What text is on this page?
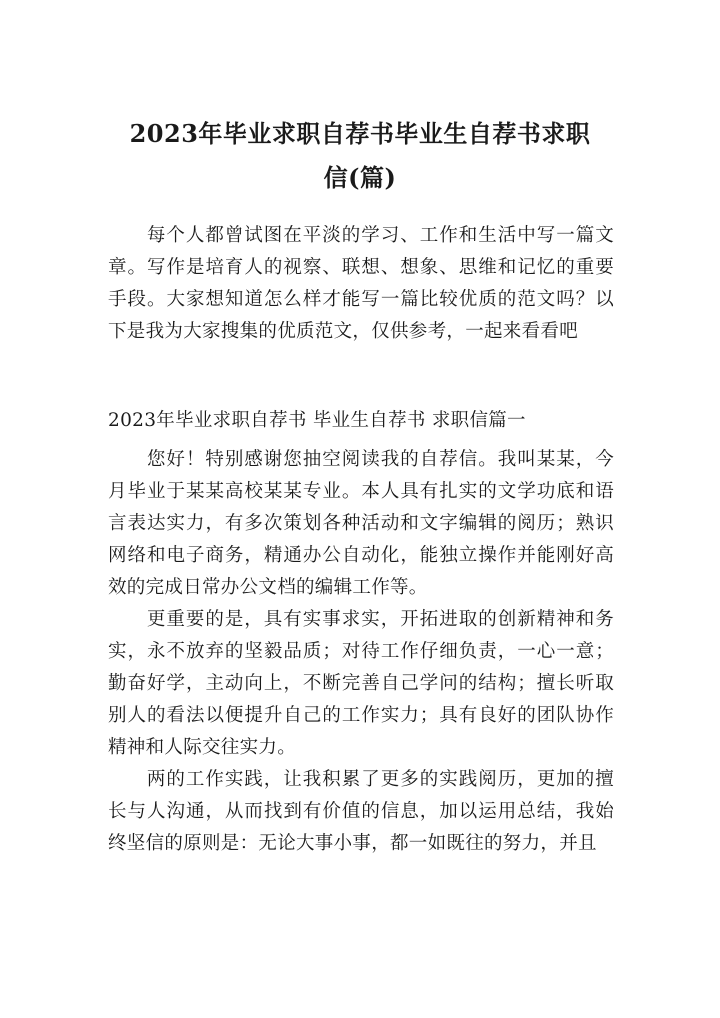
2023年毕业求职自荐书毕业生自荐书求职
信(篇)

每个人都曾试图在平淡的学习、工作和生活中写一篇文章。写作是培育人的视察、联想、想象、思维和记忆的重要手段。大家想知道怎么样才能写一篇比较优质的范文吗？以下是我为大家搜集的优质范文，仅供参考，一起来看看吧

2023年毕业求职自荐书 毕业生自荐书 求职信篇一

您好！特别感谢您抽空阅读我的自荐信。我叫某某，今月毕业于某某高校某某专业。本人具有扎实的文学功底和语言表达实力，有多次策划各种活动和文字编辑的阅历；熟识网络和电子商务，精通办公自动化，能独立操作并能刚好高效的完成日常办公文档的编辑工作等。

更重要的是，具有实事求实，开拓进取的创新精神和务实，永不放弃的坚毅品质；对待工作仔细负责，一心一意；勤奋好学，主动向上，不断完善自己学问的结构；擅长听取别人的看法以便提升自己的工作实力；具有良好的团队协作精神和人际交往实力。

两的工作实践，让我积累了更多的实践阅历，更加的擅长与人沟通，从而找到有价值的信息，加以运用总结，我始终坚信的原则是：无论大事小事，都一如既往的努力，并且
